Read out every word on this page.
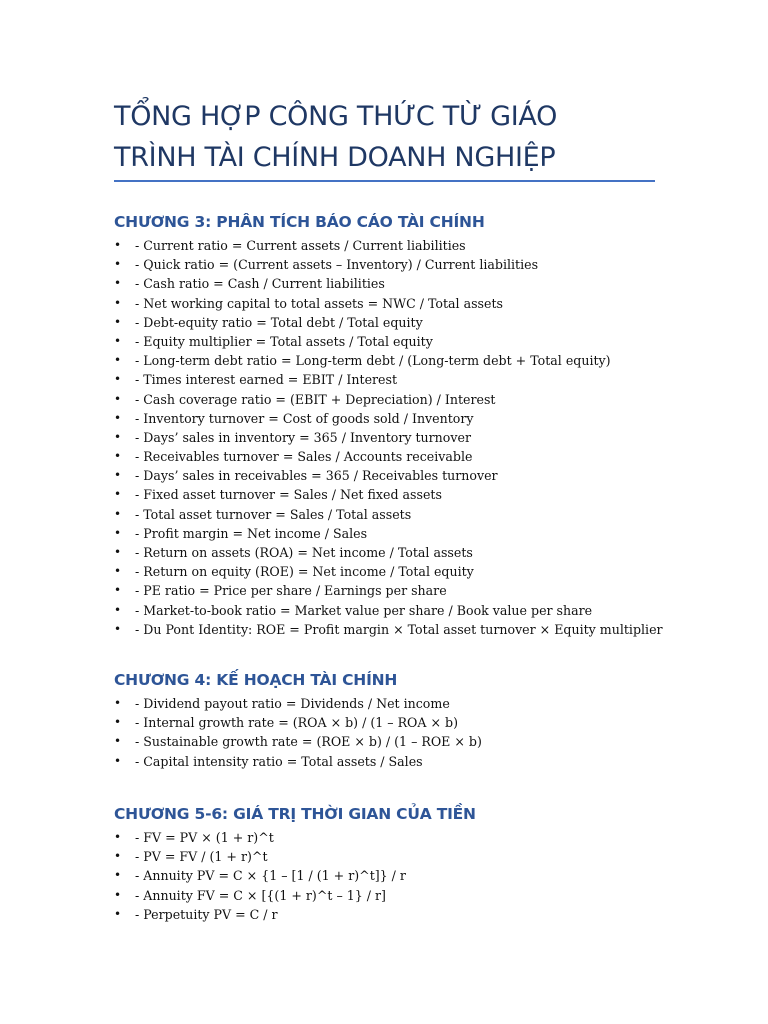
TỔNG HỢP CÔNG THỨC TỪ GIÁO
TRÌNH TÀI CHÍNH DOANH NGHIỆP
CHƯƠNG 3: PHÂN TÍCH BÁO CÁO TÀI CHÍNH
• - Current ratio = Current assets / Current liabilities
• - Quick ratio = (Current assets – Inventory) / Current liabilities
• - Cash ratio = Cash / Current liabilities
• - Net working capital to total assets = NWC / Total assets
• - Debt-equity ratio = Total debt / Total equity
• - Equity multiplier = Total assets / Total equity
• - Long-term debt ratio = Long-term debt / (Long-term debt + Total equity)
• - Times interest earned = EBIT / Interest
• - Cash coverage ratio = (EBIT + Depreciation) / Interest
• - Inventory turnover = Cost of goods sold / Inventory
• - Days’ sales in inventory = 365 / Inventory turnover
• - Receivables turnover = Sales / Accounts receivable
• - Days’ sales in receivables = 365 / Receivables turnover
• - Fixed asset turnover = Sales / Net fixed assets
• - Total asset turnover = Sales / Total assets
• - Profit margin = Net income / Sales
• - Return on assets (ROA) = Net income / Total assets
• - Return on equity (ROE) = Net income / Total equity
• - PE ratio = Price per share / Earnings per share
• - Market-to-book ratio = Market value per share / Book value per share
• - Du Pont Identity: ROE = Profit margin × Total asset turnover × Equity multiplier
CHƯƠNG 4: KẾ HOẠCH TÀI CHÍNH
• - Dividend payout ratio = Dividends / Net income
• - Internal growth rate = (ROA × b) / (1 – ROA × b)
• - Sustainable growth rate = (ROE × b) / (1 – ROE × b)
• - Capital intensity ratio = Total assets / Sales
CHƯƠNG 5-6: GIÁ TRỊ THỜI GIAN CỦA TIỀN
• - FV = PV × (1 + r)^t
• - PV = FV / (1 + r)^t
• - Annuity PV = C × {1 – [1 / (1 + r)^t]} / r
• - Annuity FV = C × [{(1 + r)^t – 1} / r]
• - Perpetuity PV = C / r
